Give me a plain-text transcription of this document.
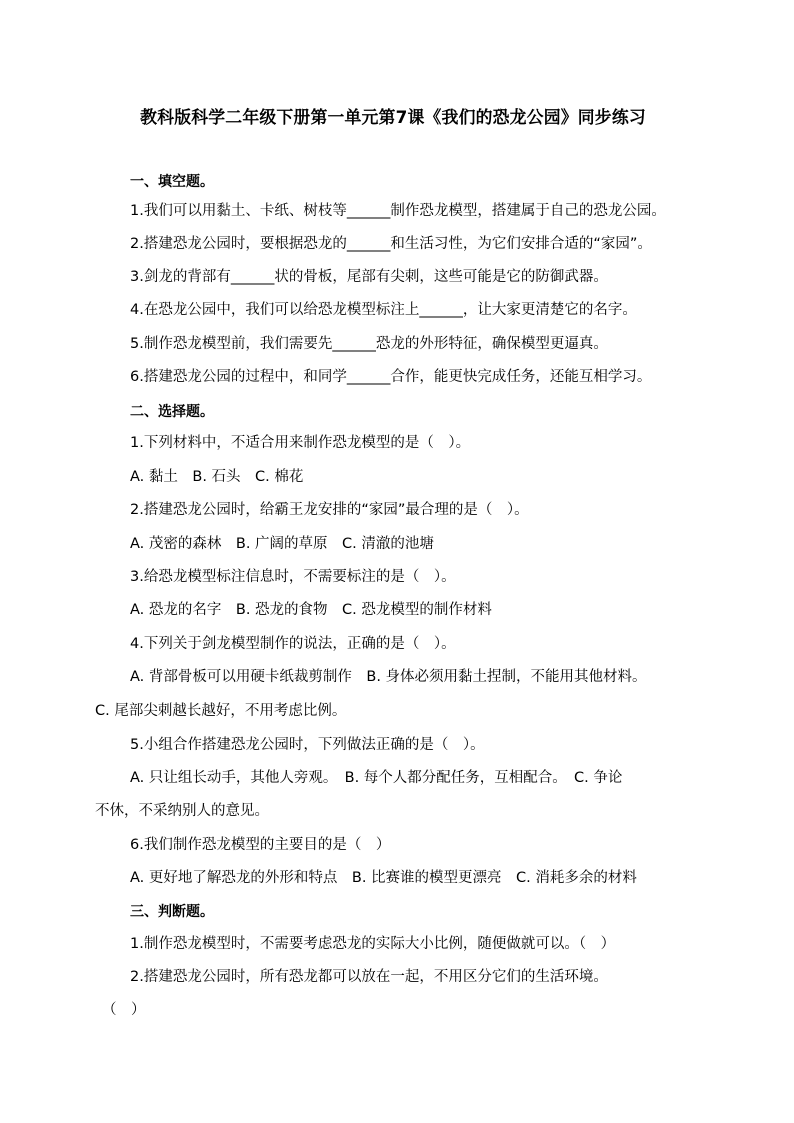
教科版科学二年级下册第一单元第7课《我们的恐龙公园》同步练习
一、填空题。
1.我们可以用黏土、卡纸、树枝等______制作恐龙模型，搭建属于自己的恐龙公园。
2.搭建恐龙公园时，要根据恐龙的______和生活习性，为它们安排合适的“家园”。
3.剑龙的背部有______状的骨板，尾部有尖刺，这些可能是它的防御武器。
4.在恐龙公园中，我们可以给恐龙模型标注上______，让大家更清楚它的名字。
5.制作恐龙模型前，我们需要先______恐龙的外形特征，确保模型更逼真。
6.搭建恐龙公园的过程中，和同学______合作，能更快完成任务，还能互相学习。
二、选择题。
1.下列材料中，不适合用来制作恐龙模型的是（　）。
A. 黏土　B. 石头　C. 棉花
2.搭建恐龙公园时，给霸王龙安排的“家园”最合理的是（　）。
A. 茂密的森林　B. 广阔的草原　C. 清澈的池塘
3.给恐龙模型标注信息时，不需要标注的是（　）。
A. 恐龙的名字　B. 恐龙的食物　C. 恐龙模型的制作材料
4.下列关于剑龙模型制作的说法，正确的是（　）。
A. 背部骨板可以用硬卡纸裁剪制作　B. 身体必须用黏土捏制，不能用其他材料。
C. 尾部尖刺越长越好，不用考虑比例。
5.小组合作搭建恐龙公园时，下列做法正确的是（　）。
A. 只让组长动手，其他人旁观。　B. 每个人都分配任务，互相配合。　C. 争论
不休，不采纳别人的意见。
6.我们制作恐龙模型的主要目的是（　）
A. 更好地了解恐龙的外形和特点　B. 比赛谁的模型更漂亮　C. 消耗多余的材料
三、判断题。
1.制作恐龙模型时，不需要考虑恐龙的实际大小比例，随便做就可以。（　）
2.搭建恐龙公园时，所有恐龙都可以放在一起，不用区分它们的生活环境。
（　）
